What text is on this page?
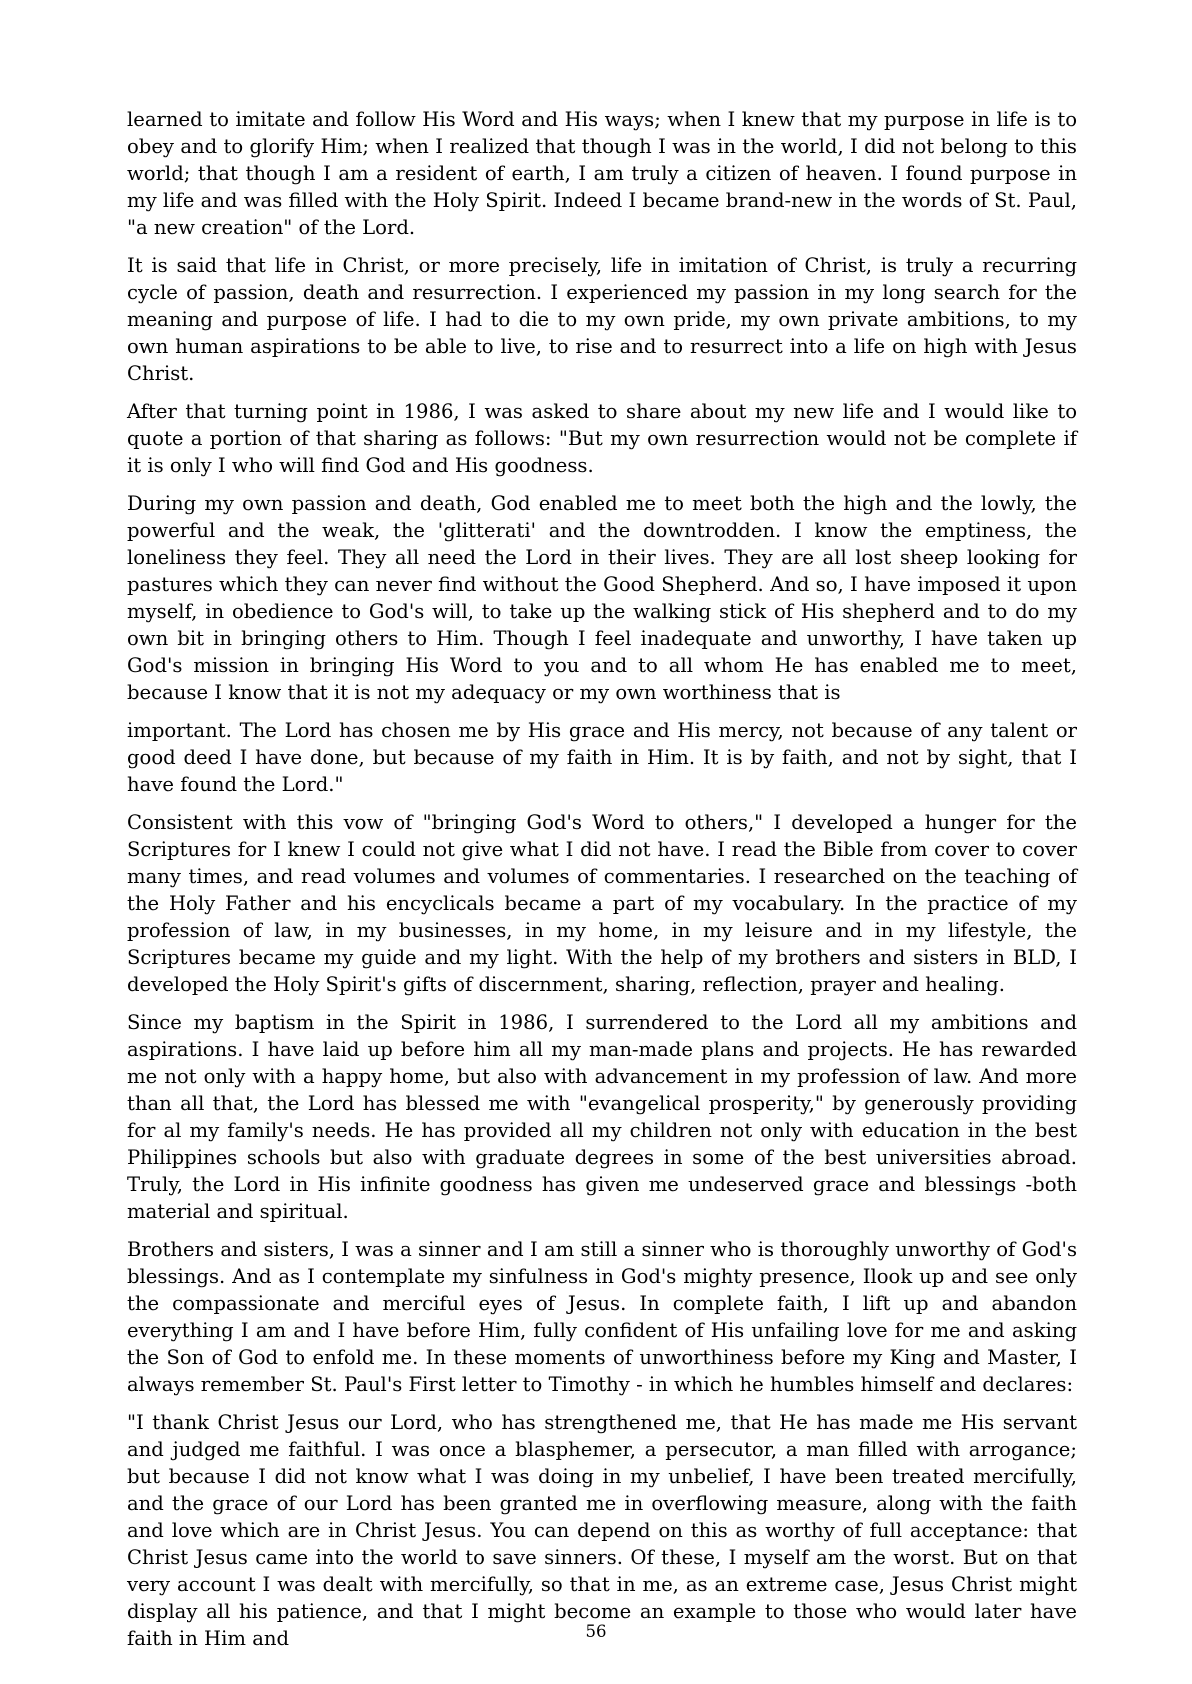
learned to imitate and follow His Word and His ways; when I knew that my purpose in life is to obey and to glorify Him; when I realized that though I was in the world, I did not belong to this world; that though I am a resident of earth, I am truly a citizen of heaven. I found purpose in my life and was filled with the Holy Spirit. Indeed I became brand-new in the words of St. Paul, "a new creation" of the Lord.

It is said that life in Christ, or more precisely, life in imitation of Christ, is truly a recurring cycle of passion, death and resurrection. I experienced my passion in my long search for the meaning and purpose of life. I had to die to my own pride, my own private ambitions, to my own human aspirations to be able to live, to rise and to resurrect into a life on high with Jesus Christ.

After that turning point in 1986, I was asked to share about my new life and I would like to quote a portion of that sharing as follows: "But my own resurrection would not be complete if it is only I who will find God and His goodness.

During my own passion and death, God enabled me to meet both the high and the lowly, the powerful and the weak, the 'glitterati' and the downtrodden. I know the emptiness, the loneliness they feel. They all need the Lord in their lives. They are all lost sheep looking for pastures which they can never find without the Good Shepherd. And so, I have imposed it upon myself, in obedience to God's will, to take up the walking stick of His shepherd and to do my own bit in bringing others to Him. Though I feel inadequate and unworthy, I have taken up God's mission in bringing His Word to you and to all whom He has enabled me to meet, because I know that it is not my adequacy or my own worthiness that is

important. The Lord has chosen me by His grace and His mercy, not because of any talent or good deed I have done, but because of my faith in Him. It is by faith, and not by sight, that I have found the Lord."

Consistent with this vow of "bringing God's Word to others," I developed a hunger for the Scriptures for I knew I could not give what I did not have. I read the Bible from cover to cover many times, and read volumes and volumes of commentaries. I researched on the teaching of the Holy Father and his encyclicals became a part of my vocabulary. In the practice of my profession of law, in my businesses, in my home, in my leisure and in my lifestyle, the Scriptures became my guide and my light. With the help of my brothers and sisters in BLD, I developed the Holy Spirit's gifts of discernment, sharing, reflection, prayer and healing.

Since my baptism in the Spirit in 1986, I surrendered to the Lord all my ambitions and aspirations. I have laid up before him all my man-made plans and projects. He has rewarded me not only with a happy home, but also with advancement in my profession of law. And more than all that, the Lord has blessed me with "evangelical prosperity," by generously providing for al my family's needs. He has provided all my children not only with education in the best Philippines schools but also with graduate degrees in some of the best universities abroad. Truly, the Lord in His infinite goodness has given me undeserved grace and blessings -both material and spiritual.

Brothers and sisters, I was a sinner and I am still a sinner who is thoroughly unworthy of God's blessings. And as I contemplate my sinfulness in God's mighty presence, Ilook up and see only the compassionate and merciful eyes of Jesus. In complete faith, I lift up and abandon everything I am and I have before Him, fully confident of His unfailing love for me and asking the Son of God to enfold me. In these moments of unworthiness before my King and Master, I always remember St. Paul's First letter to Timothy - in which he humbles himself and declares:

"I thank Christ Jesus our Lord, who has strengthened me, that He has made me His servant and judged me faithful. I was once a blasphemer, a persecutor, a man filled with arrogance; but because I did not know what I was doing in my unbelief, I have been treated mercifully, and the grace of our Lord has been granted me in overflowing measure, along with the faith and love which are in Christ Jesus. You can depend on this as worthy of full acceptance: that Christ Jesus came into the world to save sinners. Of these, I myself am the worst. But on that very account I was dealt with mercifully, so that in me, as an extreme case, Jesus Christ might display all his patience, and that I might become an example to those who would later have faith in Him and	56
